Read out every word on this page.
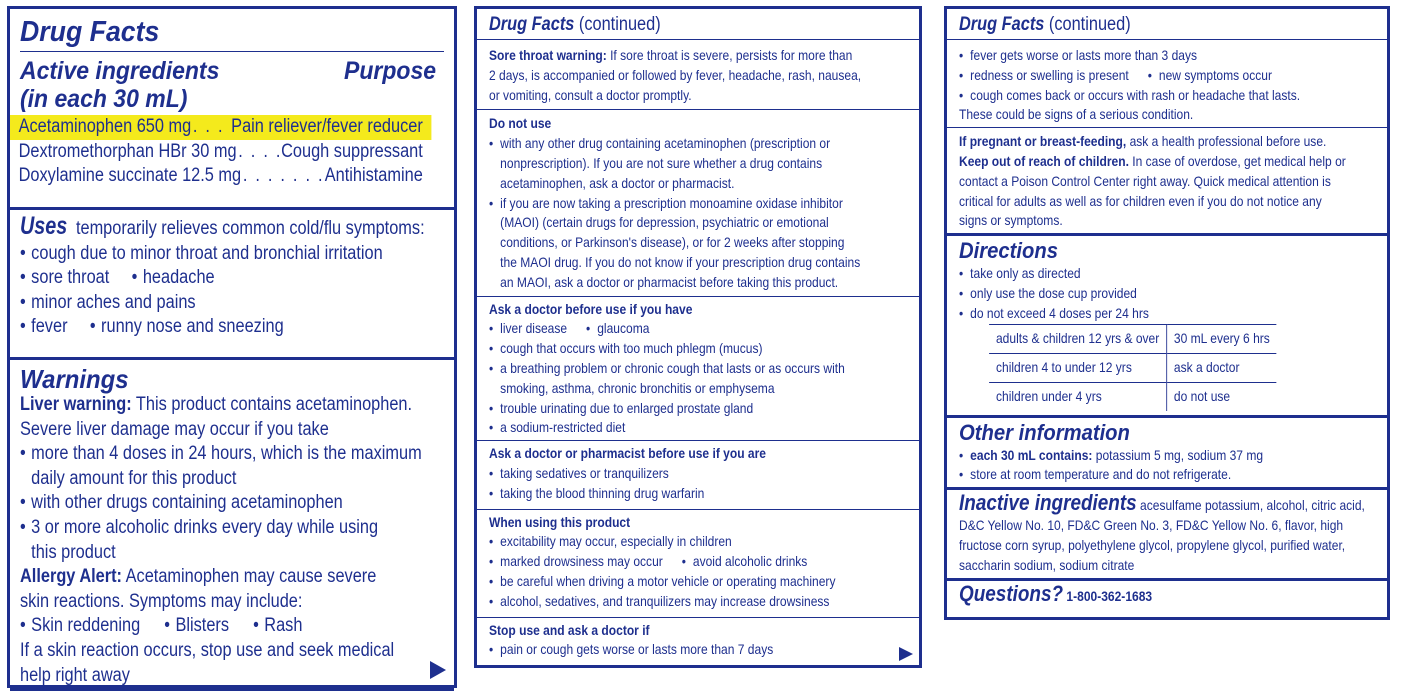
Drug Facts
Active ingredients
(in each 30 mL)
Purpose
Acetaminophen 650 mg . . . Pain reliever/fever reducer
Dextromethorphan HBr 30 mg . . . Cough suppressant
Doxylamine succinate 12.5 mg . . .	Antihistamine
Uses temporarily relieves common cold/flu symptoms:
• cough due to minor throat and bronchial irritation
• sore throat • headache
• minor aches and pains
• fever • runny nose and sneezing
Warnings
Liver warning: This product contains acetaminophen.
Severe liver damage may occur if you take
• more than 4 doses in 24 hours, which is the maximum
daily amount for this product
• with other drugs containing acetaminophen
• 3 or more alcoholic drinks every day while using
this product
Allergy Alert: Acetaminophen may cause severe
skin reactions. Symptoms may include:
• Skin reddening • Blisters • Rash
If a skin reaction occurs, stop use and seek medical
help right away
Drug Facts (continued)
Sore throat warning: If sore throat is severe, persists for more than
2 days, is accompanied or followed by fever, headache, rash, nausea,
or vomiting, consult a doctor promptly.
Do not use
• with any other drug containing acetaminophen (prescription or
nonprescription). If you are not sure whether a drug contains
acetaminophen, ask a doctor or pharmacist.
• if you are now taking a prescription monoamine oxidase inhibitor
(MAOI) (certain drugs for depression, psychiatric or emotional
conditions, or Parkinson's disease), or for 2 weeks after stopping
the MAOI drug. If you do not know if your prescription drug contains
an MAOI, ask a doctor or pharmacist before taking this product.
Ask a doctor before use if you have
• liver disease • glaucoma
• cough that occurs with too much phlegm (mucus)
• a breathing problem or chronic cough that lasts or as occurs with
smoking, asthma, chronic bronchitis or emphysema
• trouble urinating due to enlarged prostate gland
• a sodium-restricted diet
Ask a doctor or pharmacist before use if you are
• taking sedatives or tranquilizers
• taking the blood thinning drug warfarin
When using this product
• excitability may occur, especially in children
• marked drowsiness may occur • avoid alcoholic drinks
• be careful when driving a motor vehicle or operating machinery
• alcohol, sedatives, and tranquilizers may increase drowsiness
Stop use and ask a doctor if
• pain or cough gets worse or lasts more than 7 days
Drug Facts (continued)
• fever gets worse or lasts more than 3 days
• redness or swelling is present • new symptoms occur
• cough comes back or occurs with rash or headache that lasts.
These could be signs of a serious condition.
If pregnant or breast-feeding, ask a health professional before use.
Keep out of reach of children. In case of overdose, get medical help or
contact a Poison Control Center right away. Quick medical attention is
critical for adults as well as for children even if you do not notice any
signs or symptoms.
Directions
• take only as directed
• only use the dose cup provided
• do not exceed 4 doses per 24 hrs
adults & children 12 yrs & over	30 mL every 6 hrs
children 4 to under 12 yrs	ask a doctor
children under 4 yrs	do not use
Other information
• each 30 mL contains: potassium 5 mg, sodium 37 mg
• store at room temperature and do not refrigerate.
Inactive ingredients acesulfame potassium, alcohol, citric acid,
D&C Yellow No. 10, FD&C Green No. 3, FD&C Yellow No. 6, flavor, high
fructose corn syrup, polyethylene glycol, propylene glycol, purified water,
saccharin sodium, sodium citrate
Questions? 1-800-362-1683
